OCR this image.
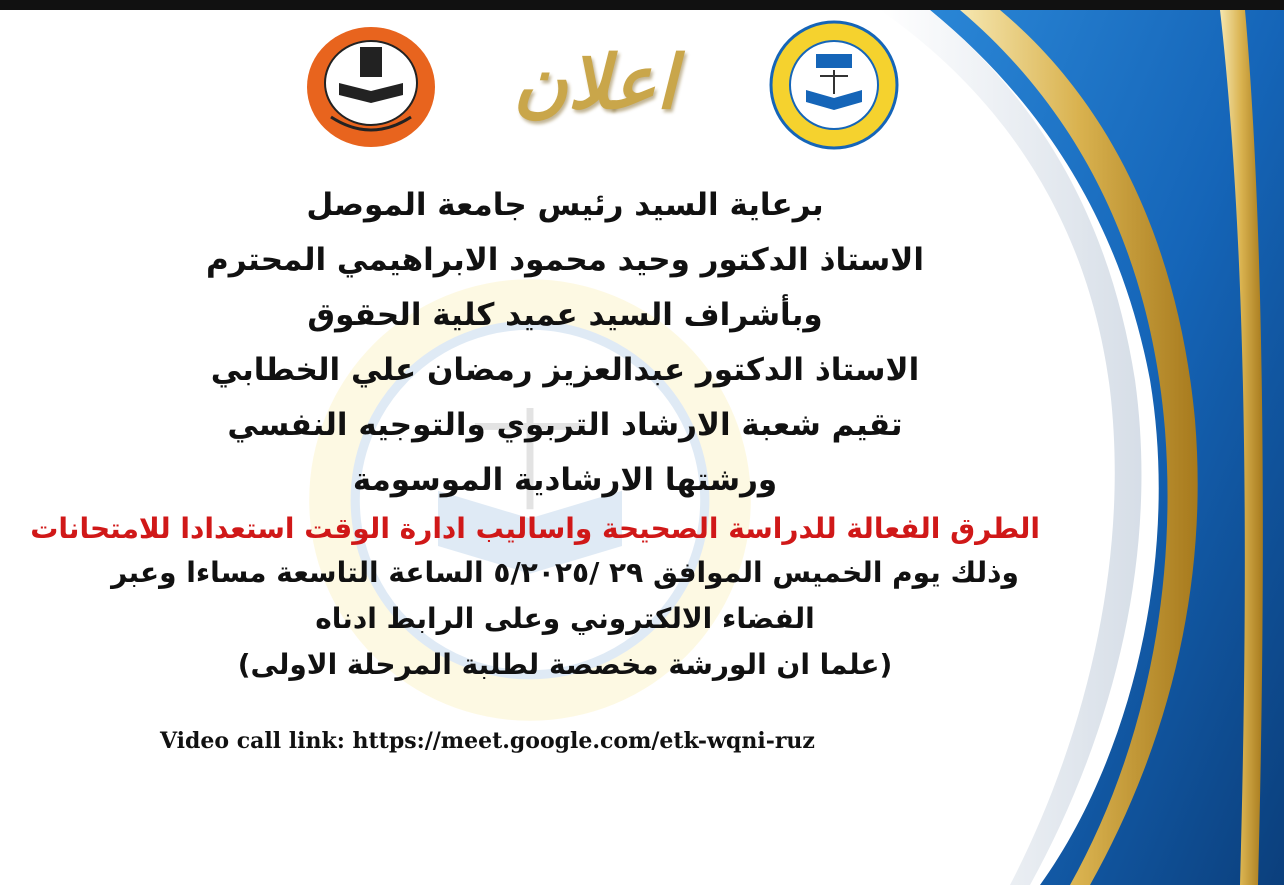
اعلان
برعاية السيد رئيس جامعة الموصل
الاستاذ الدكتور وحيد محمود الابراهيمي المحترم
وبأشراف السيد عميد كلية الحقوق
الاستاذ الدكتور عبدالعزيز رمضان علي الخطابي
تقيم شعبة الارشاد التربوي والتوجيه النفسي
ورشتها الارشادية الموسومة
الطرق الفعالة للدراسة الصحيحة واساليب ادارة الوقت استعدادا للامتحانات
وذلك يوم الخميس الموافق ٢٩ /٥/٢٠٢٥ الساعة التاسعة مساءا وعبر
الفضاء الالكتروني وعلى الرابط ادناه
(علما ان الورشة مخصصة لطلبة المرحلة الاولى)
Video call link: https://meet.google.com/etk-wqni-ruz
